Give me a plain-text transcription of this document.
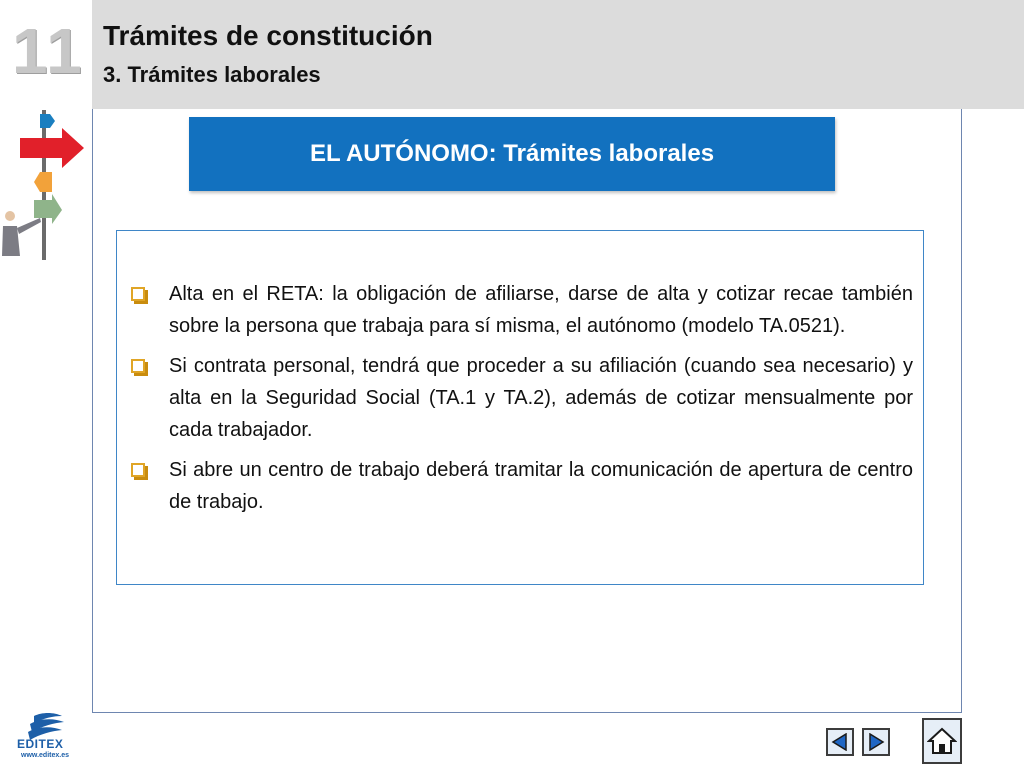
11 Trámites de constitución
3. Trámites laborales
EL AUTÓNOMO: Trámites laborales
Alta en el RETA: la obligación de afiliarse, darse de alta y cotizar recae también sobre la persona que trabaja para sí misma, el autónomo (modelo TA.0521).
Si contrata personal, tendrá que proceder a su afiliación (cuando sea necesario) y alta en la Seguridad Social (TA.1 y TA.2), además de cotizar mensualmente por cada trabajador.
Si abre un centro de trabajo deberá tramitar la comunicación de apertura de centro de trabajo.
EDITEX
www.editex.es
